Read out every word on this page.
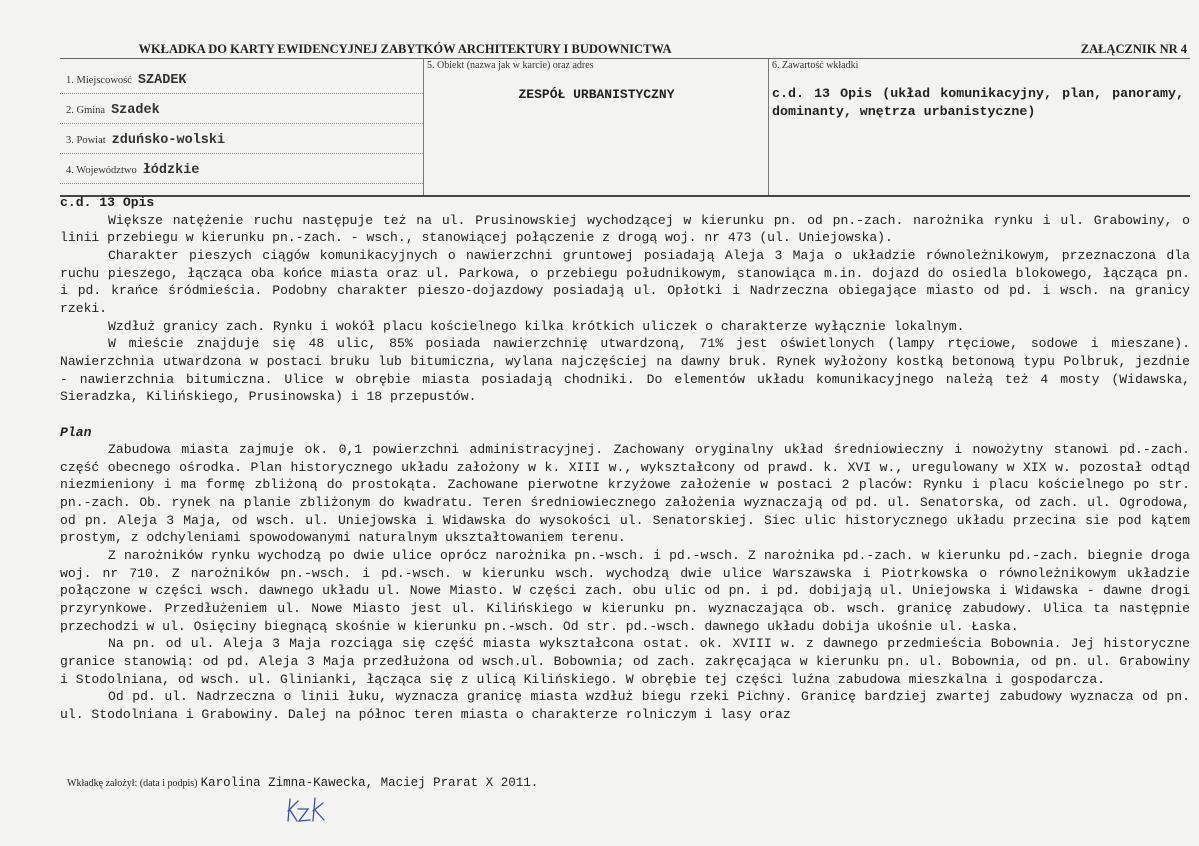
WKŁADKA DO KARTY EWIDENCYJNEJ ZABYTKÓW ARCHITEKTURY I BUDOWNICTWA	ZAŁĄCZNIK NR 4
1. Miejscowość SZADEK
2. Gmina Szadek
3. Powiat zduńsko-wolski
4. Województwo łódzkie
5. Obiekt (nazwa jak w karcie) oraz adres
ZESPÓŁ URBANISTYCZNY
6. Zawartość wkładki
c.d. 13 Opis (układ komunikacyjny, plan, panoramy, dominanty, wnętrza urbanistyczne)

c.d. 13 Opis

Większe natężenie ruchu następuje też na ul. Prusinowskiej wychodzącej w kierunku pn. od pn.-zach. narożnika rynku i ul. Grabowiny, o linii przebiegu w kierunku pn.-zach. - wsch., stanowiącej połączenie z drogą woj. nr 473 (ul. Uniejowska).

Charakter pieszych ciągów komunikacyjnych o nawierzchni gruntowej posiadają Aleja 3 Maja o układzie równoleżnikowym, przeznaczona dla ruchu pieszego, łącząca oba końce miasta oraz ul. Parkowa, o przebiegu południkowym, stanowiąca m.in. dojazd do osiedla blokowego, łącząca pn. i pd. krańce śródmieścia. Podobny charakter pieszo-dojazdowy posiadają ul. Opłotki i Nadrzeczna obiegające miasto od pd. i wsch. na granicy rzeki.

Wzdłuż granicy zach. Rynku i wokół placu kościelnego kilka krótkich uliczek o charakterze wyłącznie lokalnym.

W mieście znajduje się 48 ulic, 85% posiada nawierzchnię utwardzoną, 71% jest oświetlonych (lampy rtęciowe, sodowe i mieszane). Nawierzchnia utwardzona w postaci bruku lub bitumiczna, wylana najczęściej na dawny bruk. Rynek wyłożony kostką betonową typu Polbruk, jezdnie - nawierzchnia bitumiczna. Ulice w obrębie miasta posiadają chodniki. Do elementów układu komunikacyjnego należą też 4 mosty (Widawska, Sieradzka, Kilińskiego, Prusinowska) i 18 przepustów.

Plan

Zabudowa miasta zajmuje ok. 0,1 powierzchni administracyjnej. Zachowany oryginalny układ średniowieczny i nowożytny stanowi pd.-zach. część obecnego ośrodka. Plan historycznego układu założony w k. XIII w., wykształcony od prawd. k. XVI w., uregulowany w XIX w. pozostał odtąd niezmieniony i ma formę zbliżoną do prostokąta. Zachowane pierwotne krzyżowe założenie w postaci 2 placów: Rynku i placu kościelnego po str. pn.-zach. Ob. rynek na planie zbliżonym do kwadratu. Teren średniowiecznego założenia wyznaczają od pd. ul. Senatorska, od zach. ul. Ogrodowa, od pn. Aleja 3 Maja, od wsch. ul. Uniejowska i Widawska do wysokości ul. Senatorskiej. Siec ulic historycznego układu przecina sie pod kątem prostym, z odchyleniami spowodowanymi naturalnym ukształtowaniem terenu.

Z narożników rynku wychodzą po dwie ulice oprócz narożnika pn.-wsch. i pd.-wsch. Z narożnika pd.-zach. w kierunku pd.-zach. biegnie droga woj. nr 710. Z narożników pn.-wsch. i pd.-wsch. w kierunku wsch. wychodzą dwie ulice Warszawska i Piotrkowska o równoleżnikowym układzie połączone w części wsch. dawnego układu ul. Nowe Miasto. W części zach. obu ulic od pn. i pd. dobijają ul. Uniejowska i Widawska - dawne drogi przyrynkowe. Przedłużeniem ul. Nowe Miasto jest ul. Kilińskiego w kierunku pn. wyznaczająca ob. wsch. granicę zabudowy. Ulica ta następnie przechodzi w ul. Osięciny biegnącą skośnie w kierunku pn.-wsch. Od str. pd.-wsch. dawnego układu dobija ukośnie ul. Łaska.

Na pn. od ul. Aleja 3 Maja rozciąga się część miasta wykształcona ostat. ok. XVIII w. z dawnego przedmieścia Bobownia. Jej historyczne granice stanowią: od pd. Aleja 3 Maja przedłużona od wsch.ul. Bobownia; od zach. zakręcająca w kierunku pn. ul. Bobownia, od pn. ul. Grabowiny i Stodolniana, od wsch. ul. Glinianki, łącząca się z ulicą Kilińskiego. W obrębie tej części luźna zabudowa mieszkalna i gospodarcza.

Od pd. ul. Nadrzeczna o linii łuku, wyznacza granicę miasta wzdłuż biegu rzeki Pichny. Granicę bardziej zwartej zabudowy wyznacza od pn. ul. Stodolniana i Grabowiny. Dalej na północ teren miasta o charakterze rolniczym i lasy oraz

Wkładkę założył: (data i podpis) Karolina Zimna-Kawecka, Maciej Prarat X 2011.
